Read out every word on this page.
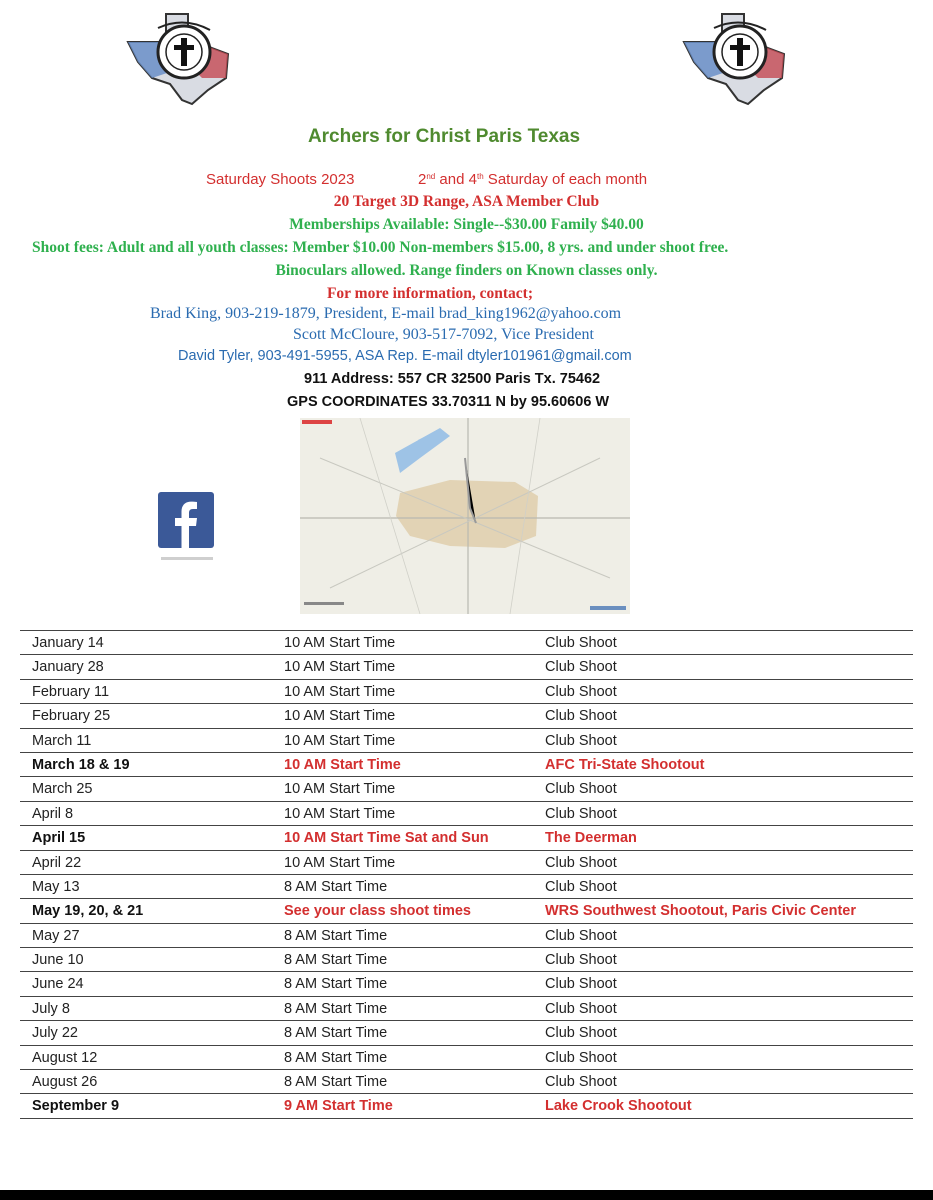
Archers for Christ Paris Texas
Saturday Shoots 2023	2nd and 4th Saturday of each month
20 Target 3D Range, ASA Member Club
Memberships Available: Single--$30.00 Family $40.00
Shoot fees: Adult and all youth classes: Member $10.00 Non-members $15.00, 8 yrs. and under shoot free.
Binoculars allowed. Range finders on Known classes only.
For more information, contact;
Brad King, 903-219-1879, President, E-mail brad_king1962@yahoo.com
Scott McCloure, 903-517-7092, Vice President
David Tyler, 903-491-5955, ASA Rep. E-mail dtyler101961@gmail.com
911 Address: 557 CR 32500 Paris Tx. 75462
GPS COORDINATES 33.70311 N by 95.60606 W
January 14	10 AM Start Time	Club Shoot
January 28	10 AM Start Time	Club Shoot
February 11	10 AM Start Time	Club Shoot
February 25	10 AM Start Time	Club Shoot
March 11	10 AM Start Time	Club Shoot
March 18 & 19	10 AM Start Time	AFC Tri-State Shootout
March 25	10 AM Start Time	Club Shoot
April 8	10 AM Start Time	Club Shoot
April 15	10 AM Start Time Sat and Sun	The Deerman
April 22	10 AM Start Time	Club Shoot
May 13	8 AM Start Time	Club Shoot
May 19, 20, & 21	See your class shoot times	WRS Southwest Shootout, Paris Civic Center
May 27	8 AM Start Time	Club Shoot
June 10	8 AM Start Time	Club Shoot
June 24	8 AM Start Time	Club Shoot
July 8	8 AM Start Time	Club Shoot
July 22	8 AM Start Time	Club Shoot
August 12	8 AM Start Time	Club Shoot
August 26	8 AM Start Time	Club Shoot
September 9	9 AM Start Time	Lake Crook Shootout
